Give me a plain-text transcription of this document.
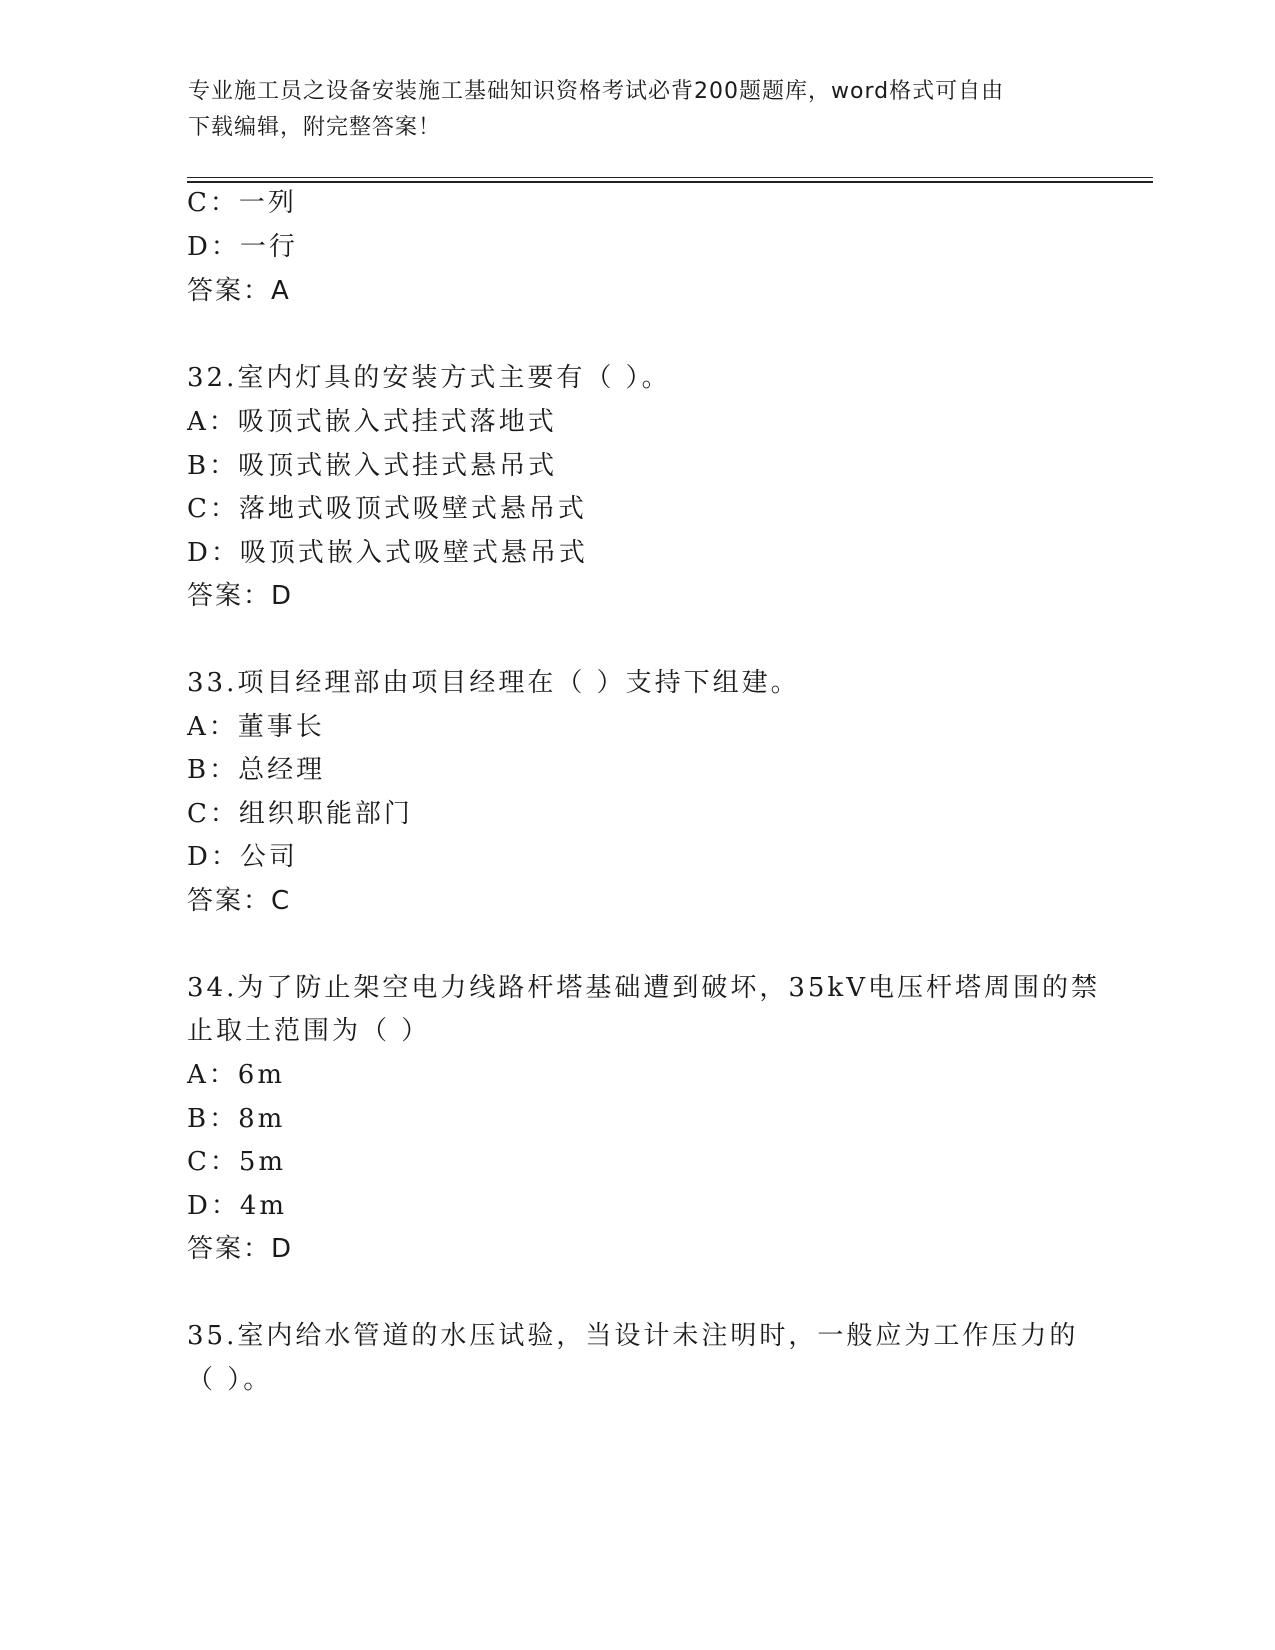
专业施工员之设备安装施工基础知识资格考试必背200题题库，word格式可自由
下载编辑，附完整答案！
C：一列
D：一行
答案：A
32.室内灯具的安装方式主要有（ ）。
A：吸顶式嵌入式挂式落地式
B：吸顶式嵌入式挂式悬吊式
C：落地式吸顶式吸壁式悬吊式
D：吸顶式嵌入式吸壁式悬吊式
答案：D
33.项目经理部由项目经理在（ ）支持下组建。
A：董事长
B：总经理
C：组织职能部门
D：公司
答案：C
34.为了防止架空电力线路杆塔基础遭到破坏，35kV电压杆塔周围的禁
止取土范围为（ ）
A：6m
B：8m
C：5m
D：4m
答案：D
35.室内给水管道的水压试验，当设计未注明时，一般应为工作压力的
（ ）。
